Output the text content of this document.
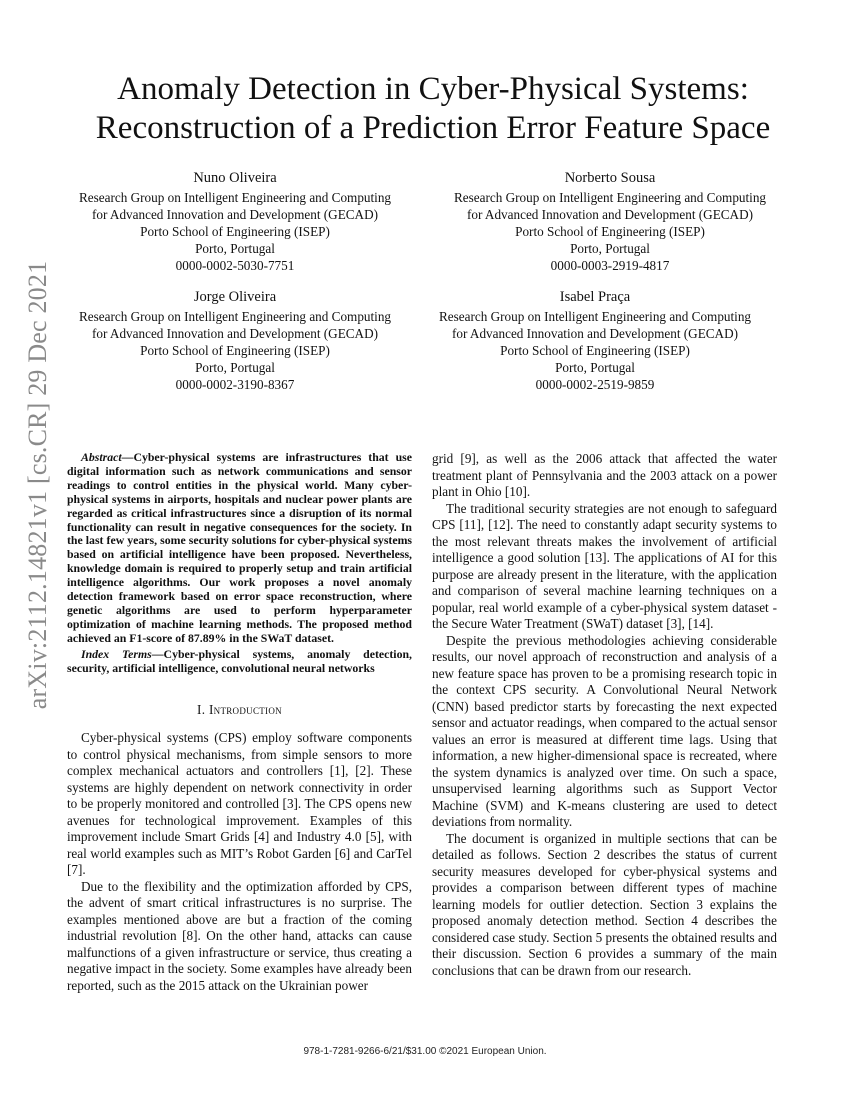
arXiv:2112.14821v1 [cs.CR] 29 Dec 2021
Anomaly Detection in Cyber-Physical Systems:
Reconstruction of a Prediction Error Feature Space
Nuno Oliveira
Research Group on Intelligent Engineering and Computing
for Advanced Innovation and Development (GECAD)
Porto School of Engineering (ISEP)
Porto, Portugal
0000-0002-5030-7751
Norberto Sousa
Research Group on Intelligent Engineering and Computing
for Advanced Innovation and Development (GECAD)
Porto School of Engineering (ISEP)
Porto, Portugal
0000-0003-2919-4817
Jorge Oliveira
Research Group on Intelligent Engineering and Computing
for Advanced Innovation and Development (GECAD)
Porto School of Engineering (ISEP)
Porto, Portugal
0000-0002-3190-8367
Isabel Praça
Research Group on Intelligent Engineering and Computing
for Advanced Innovation and Development (GECAD)
Porto School of Engineering (ISEP)
Porto, Portugal
0000-0002-2519-9859

Abstract—Cyber-physical systems are infrastructures that use digital information such as network communications and sensor readings to control entities in the physical world. Many cyber-physical systems in airports, hospitals and nuclear power plants are regarded as critical infrastructures since a disruption of its normal functionality can result in negative consequences for the society. In the last few years, some security solutions for cyber-physical systems based on artificial intelligence have been proposed. Nevertheless, knowledge domain is required to properly setup and train artificial intelligence algorithms. Our work proposes a novel anomaly detection framework based on error space reconstruction, where genetic algorithms are used to perform hyperparameter optimization of machine learning methods. The proposed method achieved an F1-score of 87.89% in the SWaT dataset.

Index Terms—Cyber-physical systems, anomaly detection, security, artificial intelligence, convolutional neural networks

I. Introduction

Cyber-physical systems (CPS) employ software components to control physical mechanisms, from simple sensors to more complex mechanical actuators and controllers [1], [2]. These systems are highly dependent on network connectivity in order to be properly monitored and controlled [3]. The CPS opens new avenues for technological improvement. Examples of this improvement include Smart Grids [4] and Industry 4.0 [5], with real world examples such as MIT’s Robot Garden [6] and CarTel [7].

Due to the flexibility and the optimization afforded by CPS, the advent of smart critical infrastructures is no surprise. The examples mentioned above are but a fraction of the coming industrial revolution [8]. On the other hand, attacks can cause malfunctions of a given infrastructure or service, thus creating a negative impact in the society. Some examples have already been reported, such as the 2015 attack on the Ukrainian power

grid [9], as well as the 2006 attack that affected the water treatment plant of Pennsylvania and the 2003 attack on a power plant in Ohio [10].

The traditional security strategies are not enough to safeguard CPS [11], [12]. The need to constantly adapt security systems to the most relevant threats makes the involvement of artificial intelligence a good solution [13]. The applications of AI for this purpose are already present in the literature, with the application and comparison of several machine learning techniques on a popular, real world example of a cyber-physical system dataset - the Secure Water Treatment (SWaT) dataset [3], [14].

Despite the previous methodologies achieving considerable results, our novel approach of reconstruction and analysis of a new feature space has proven to be a promising research topic in the context CPS security. A Convolutional Neural Network (CNN) based predictor starts by forecasting the next expected sensor and actuator readings, when compared to the actual sensor values an error is measured at different time lags. Using that information, a new higher-dimensional space is recreated, where the system dynamics is analyzed over time. On such a space, unsupervised learning algorithms such as Support Vector Machine (SVM) and K-means clustering are used to detect deviations from normality.

The document is organized in multiple sections that can be detailed as follows. Section 2 describes the status of current security measures developed for cyber-physical systems and provides a comparison between different types of machine learning models for outlier detection. Section 3 explains the proposed anomaly detection method. Section 4 describes the considered case study. Section 5 presents the obtained results and their discussion. Section 6 provides a summary of the main conclusions that can be drawn from our research.

978-1-7281-9266-6/21/$31.00 ©2021 European Union.
